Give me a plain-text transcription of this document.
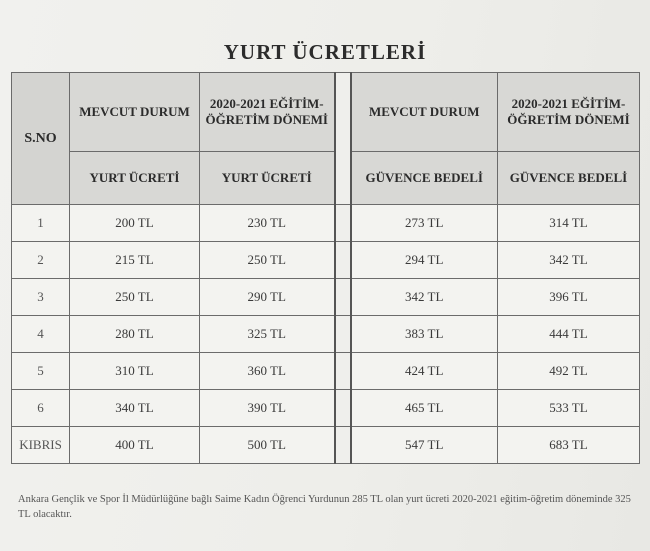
YURT ÜCRETLERİ
S.NO	MEVCUT DURUM	2020-2021 EĞİTİM-ÖĞRETİM DÖNEMİ		MEVCUT DURUM	2020-2021 EĞİTİM-ÖĞRETİM DÖNEMİ
	YURT ÜCRETİ	YURT ÜCRETİ		GÜVENCE BEDELİ	GÜVENCE BEDELİ
1	200 TL	230 TL		273 TL	314 TL
2	215 TL	250 TL		294 TL	342 TL
3	250 TL	290 TL		342 TL	396 TL
4	280 TL	325 TL		383 TL	444 TL
5	310 TL	360 TL		424 TL	492 TL
6	340 TL	390 TL		465 TL	533 TL
KIBRIS	400 TL	500 TL		547 TL	683 TL
Ankara Gençlik ve Spor İl Müdürlüğüne bağlı Saime Kadın Öğrenci Yurdunun 285 TL olan yurt ücreti 2020-2021 eğitim-öğretim döneminde 325 TL olacaktır.
